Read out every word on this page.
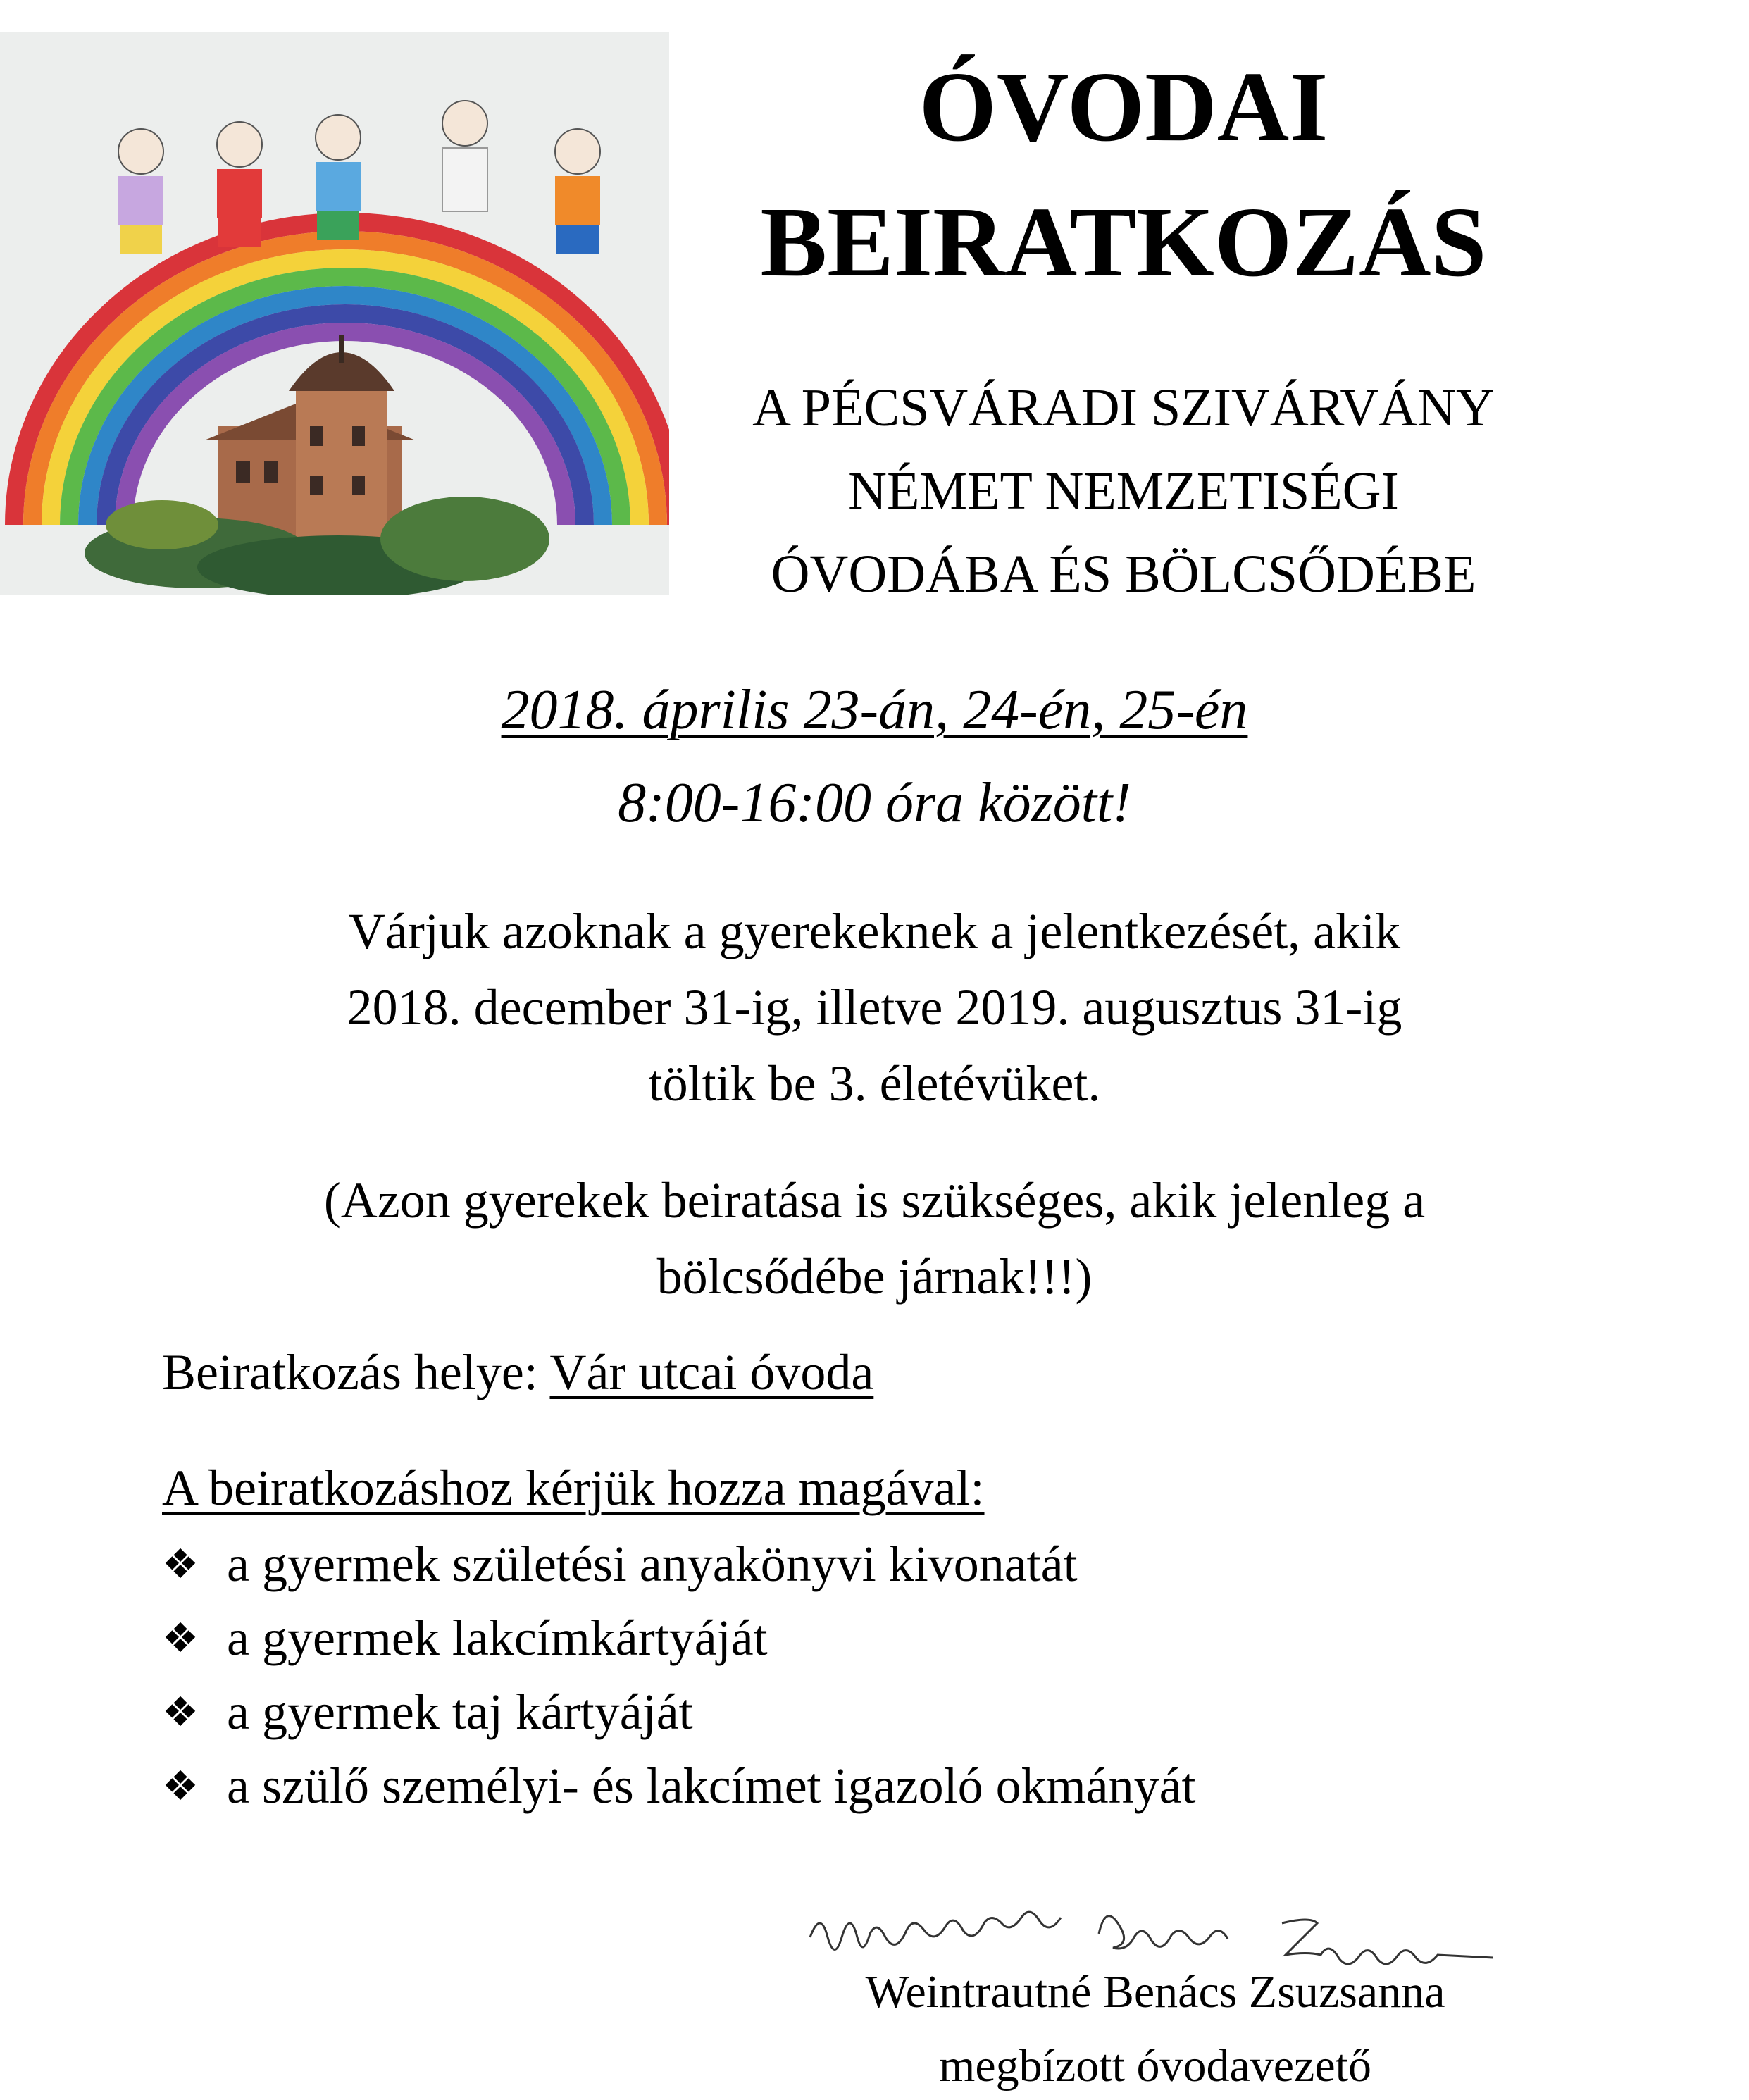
ÓVODAI
BEIRATKOZÁS
A PÉCSVÁRADI SZIVÁRVÁNY
NÉMET NEMZETISÉGI
ÓVODÁBA ÉS BÖLCSŐDÉBE
2018. április 23-án, 24-én, 25-én
8:00-16:00 óra között!
Várjuk azoknak a gyerekeknek a jelentkezését, akik
2018. december 31-ig, illetve 2019. augusztus 31-ig
töltik be 3. életévüket.
(Azon gyerekek beiratása is szükséges, akik jelenleg a
bölcsődébe járnak!!!)
Beiratkozás helye: Vár utcai óvoda
A beiratkozáshoz kérjük hozza magával:
❖ a gyermek születési anyakönyvi kivonatát
❖ a gyermek lakcímkártyáját
❖ a gyermek taj kártyáját
❖ a szülő személyi- és lakcímet igazoló okmányát
Weintrautné Benács Zsuzsanna
megbízott óvodavezető
